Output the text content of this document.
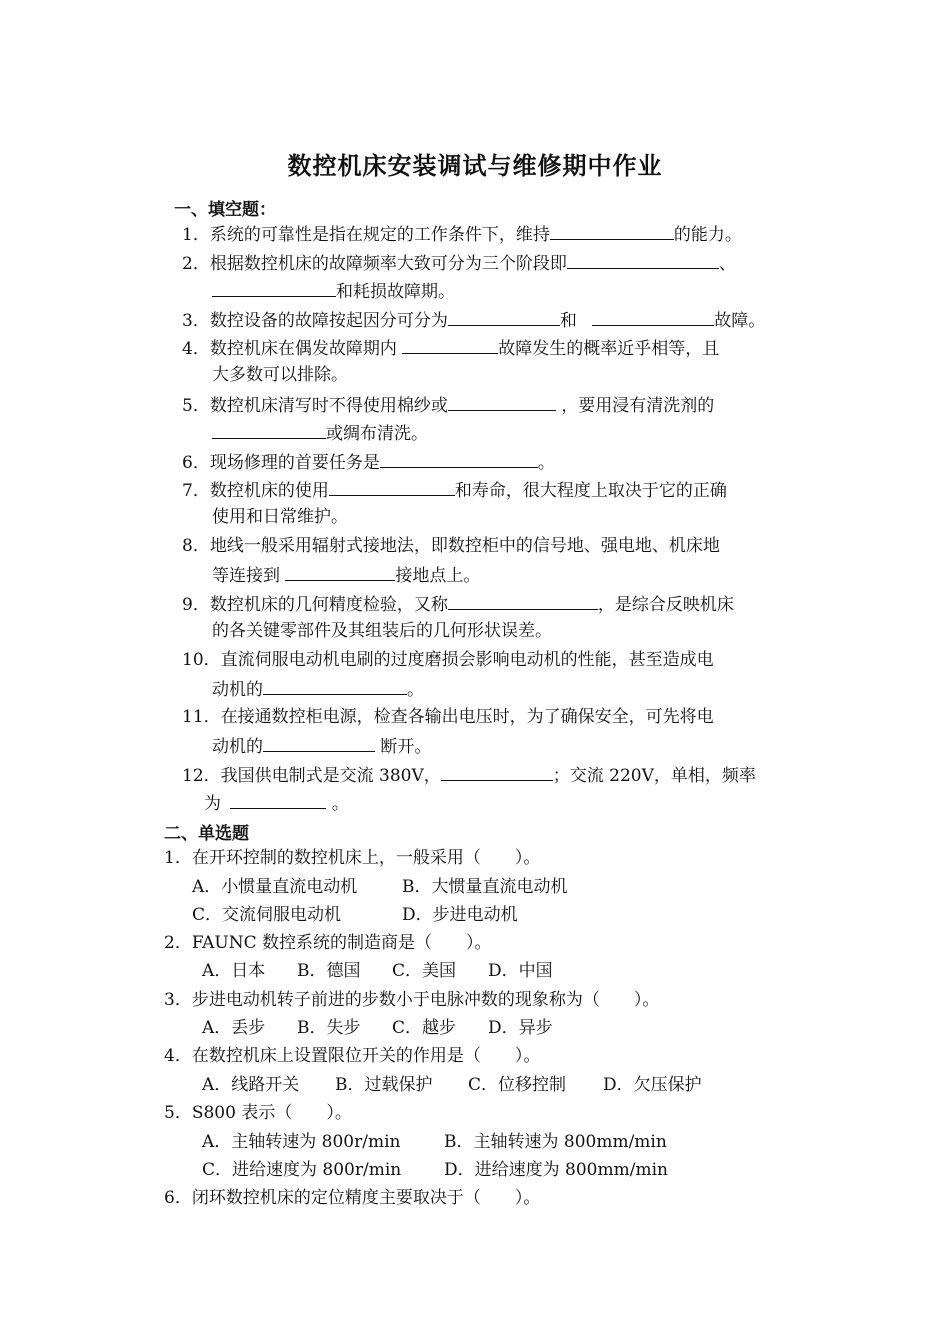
数控机床安装调试与维修期中作业
一、填空题：
1．系统的可靠性是指在规定的工作条件下，维持	的能力。
2．根据数控机床的故障频率大致可分为三个阶段即	、
和耗损故障期。
3．数控设备的故障按起因分可分为	和	故障。
4．数控机床在偶发故障期内	故障发生的概率近乎相等，且
大多数可以排除。
5．数控机床清写时不得使用棉纱或	，要用浸有清洗剂的
或绸布清洗。
6．现场修理的首要任务是	。
7．数控机床的使用	和寿命，很大程度上取决于它的正确
使用和日常维护。
8．地线一般采用辐射式接地法，即数控柜中的信号地、强电地、机床地
等连接到	接地点上。
9．数控机床的几何精度检验，又称	，是综合反映机床
的各关键零部件及其组装后的几何形状误差。
10．直流伺服电动机电刷的过度磨损会影响电动机的性能，甚至造成电
动机的	。
11．在接通数控柜电源，检查各输出电压时，为了确保安全，可先将电
动机的	断开。
12．我国供电制式是交流 380V，	；交流 220V，单相，频率
为	。
二、单选题
1．在开环控制的数控机床上，一般采用（　　）。
A．小惯量直流电动机	B．大惯量直流电动机
C．交流伺服电动机	D．步进电动机
2．FAUNC 数控系统的制造商是（　　）。
A．日本 B．德国 C．美国 D．中国
3．步进电动机转子前进的步数小于电脉冲数的现象称为（　　）。
A．丢步 B．失步 C．越步 D．异步
4．在数控机床上设置限位开关的作用是（　　）。
A．线路开关 B．过载保护 C．位移控制 D．欠压保护
5．S800 表示（　　）。
A．主轴转速为 800r/min	B．主轴转速为 800mm/min
C．进给速度为 800r/min	D．进给速度为 800mm/min
6．闭环数控机床的定位精度主要取决于（　　）。
